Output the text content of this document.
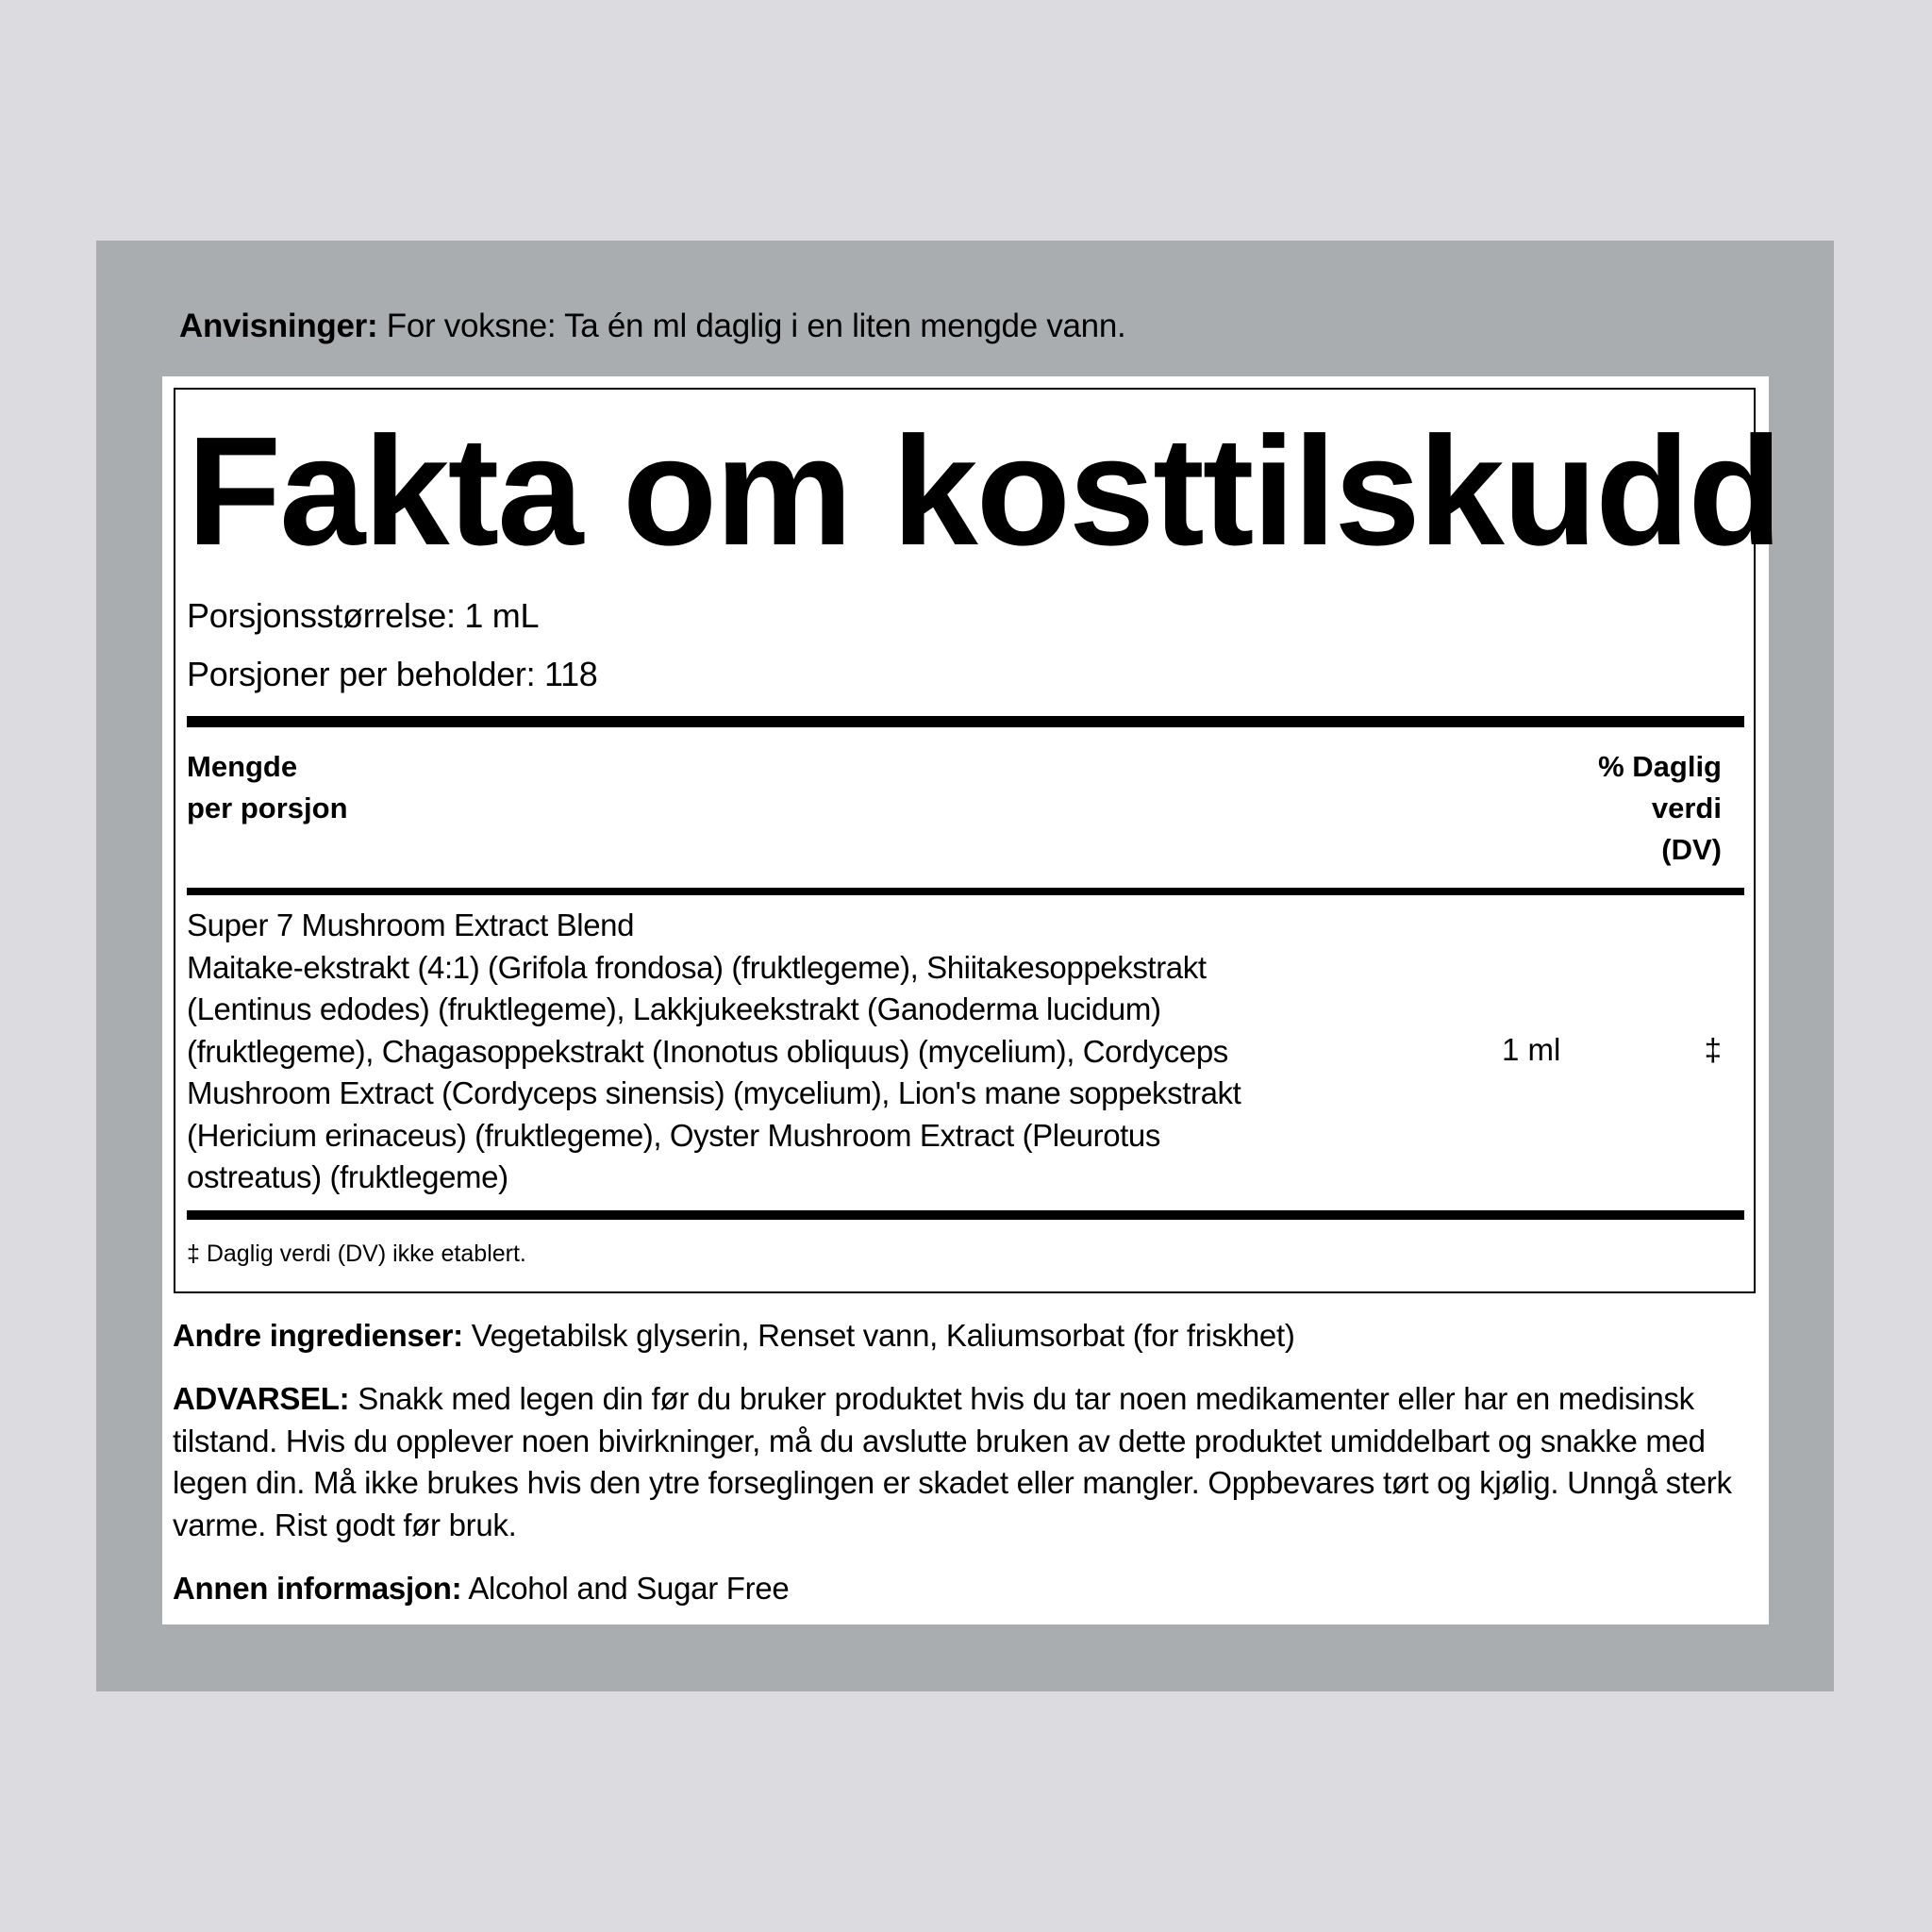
Anvisninger: For voksne: Ta én ml daglig i en liten mengde vann.
Fakta om kosttilskudd
Porsjonsstørrelse: 1 mL
Porsjoner per beholder: 118
Mengde
per porsjon
% Daglig
verdi
(DV)
Super 7 Mushroom Extract Blend
Maitake-ekstrakt (4:1) (Grifola frondosa) (fruktlegeme), Shiitakesoppekstrakt (Lentinus edodes) (fruktlegeme), Lakkjukeekstrakt (Ganoderma lucidum) (fruktlegeme), Chagasoppekstrakt (Inonotus obliquus) (mycelium), Cordyceps Mushroom Extract (Cordyceps sinensis) (mycelium), Lion's mane soppekstrakt (Hericium erinaceus) (fruktlegeme), Oyster Mushroom Extract (Pleurotus ostreatus) (fruktlegeme)
1 ml	‡
‡ Daglig verdi (DV) ikke etablert.
Andre ingredienser: Vegetabilsk glyserin, Renset vann, Kaliumsorbat (for friskhet)
ADVARSEL: Snakk med legen din før du bruker produktet hvis du tar noen medikamenter eller har en medisinsk tilstand. Hvis du opplever noen bivirkninger, må du avslutte bruken av dette produktet umiddelbart og snakke med legen din. Må ikke brukes hvis den ytre forseglingen er skadet eller mangler. Oppbevares tørt og kjølig. Unngå sterk varme. Rist godt før bruk.
Annen informasjon: Alcohol and Sugar Free
